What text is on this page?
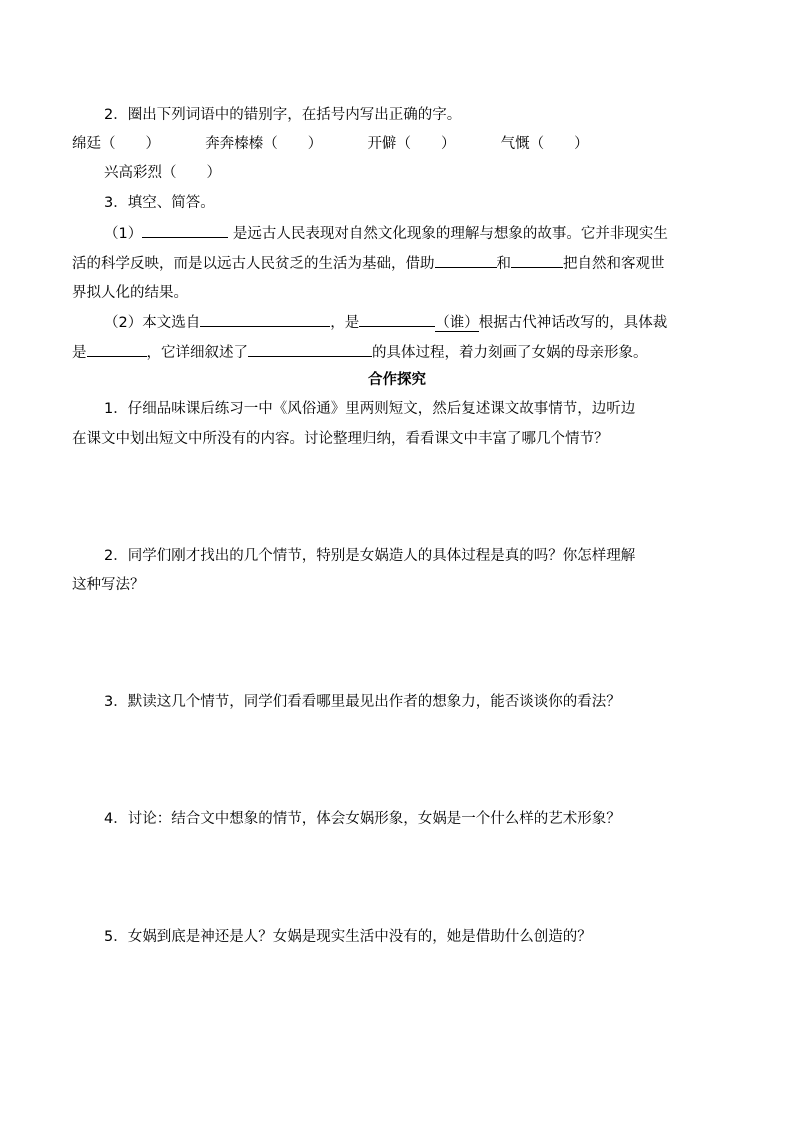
2．圈出下列词语中的错别字，在括号内写出正确的字。
绵廷（ ）	奔奔榛榛（ ）	开僻（ ）	气慨（ ）
兴高彩烈（ ）
3．填空、简答。
（1）	是远古人民表现对自然文化现象的理解与想象的故事。它并非现实生
活的科学反映，而是以远古人民贫乏的生活为基础，借助	和	把自然和客观世
界拟人化的结果。
（2）本文选自	，是	（谁）根据古代神话改写的，具体裁
是	，它详细叙述了	的具体过程，着力刻画了女娲的母亲形象。
合作探究
1．仔细品味课后练习一中《风俗通》里两则短文，然后复述课文故事情节，边听边
在课文中划出短文中所没有的内容。讨论整理归纳，看看课文中丰富了哪几个情节？
2．同学们刚才找出的几个情节，特别是女娲造人的具体过程是真的吗？你怎样理解
这种写法？
3．默读这几个情节，同学们看看哪里最见出作者的想象力，能否谈谈你的看法？
4．讨论：结合文中想象的情节，体会女娲形象，女娲是一个什么样的艺术形象？
5．女娲到底是神还是人？女娲是现实生活中没有的，她是借助什么创造的？
